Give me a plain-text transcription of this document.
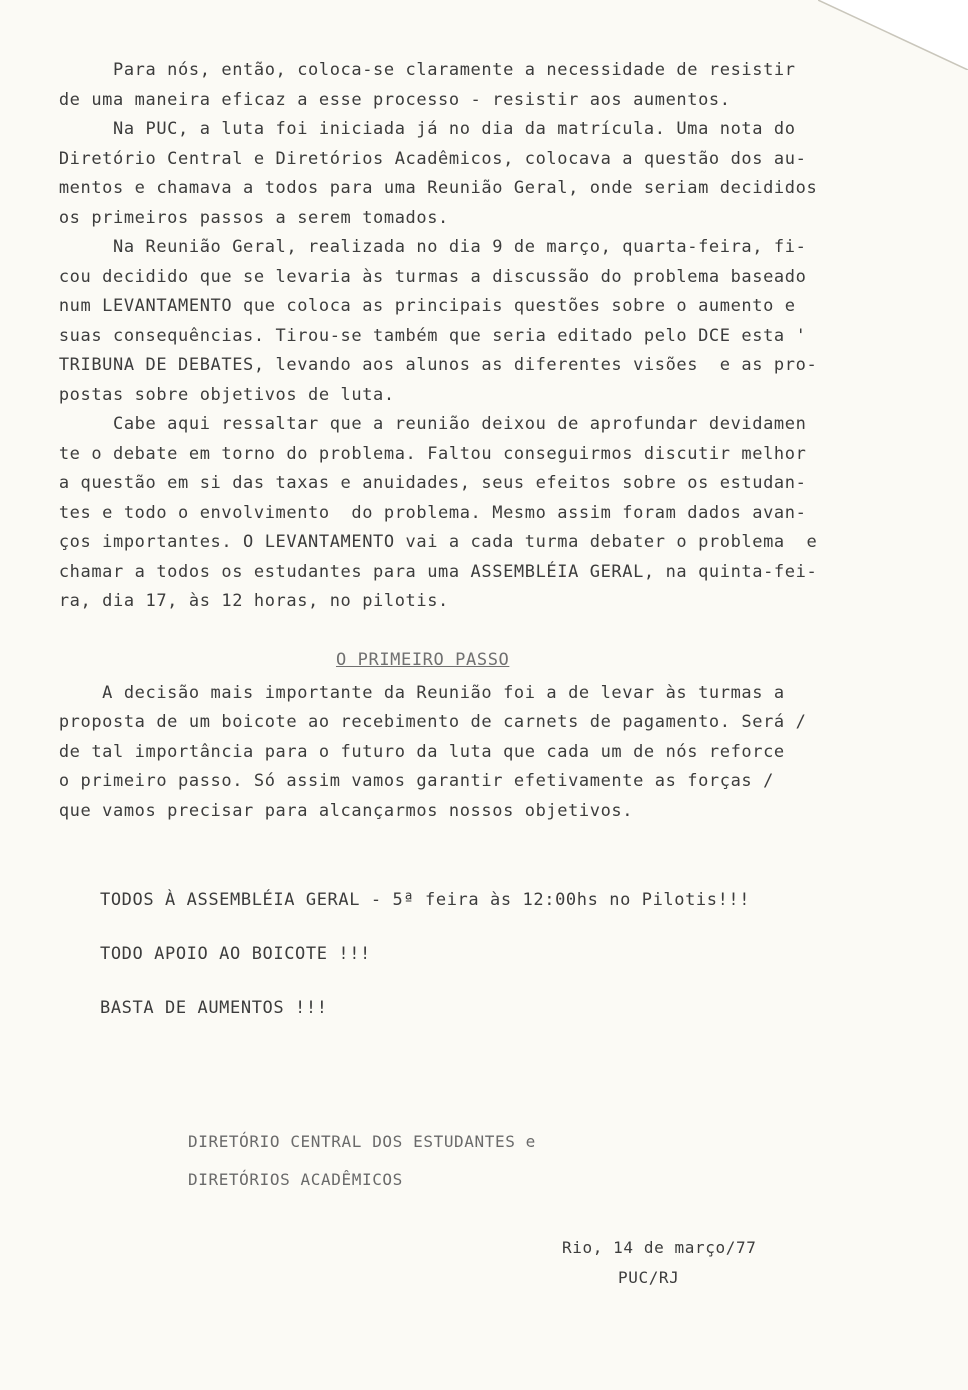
Para nós, então, coloca-se claramente a necessidade de resistir
de uma maneira eficaz a esse processo - resistir aos aumentos.
Na PUC, a luta foi iniciada já no dia da matrícula. Uma nota do
Diretório Central e Diretórios Acadêmicos, colocava a questão dos au-
mentos e chamava a todos para uma Reunião Geral, onde seriam decididos
os primeiros passos a serem tomados.
Na Reunião Geral, realizada no dia 9 de março, quarta-feira, fi-
cou decidido que se levaria às turmas a discussão do problema baseado
num LEVANTAMENTO que coloca as principais questões sobre o aumento e
suas consequências. Tirou-se também que seria editado pelo DCE esta '
TRIBUNA DE DEBATES, levando aos alunos as diferentes visões  e as pro-
postas sobre objetivos de luta.
Cabe aqui ressaltar que a reunião deixou de aprofundar devidamen
te o debate em torno do problema. Faltou conseguirmos discutir melhor
a questão em si das taxas e anuidades, seus efeitos sobre os estudan-
tes e todo o envolvimento  do problema. Mesmo assim foram dados avan-
ços importantes. O LEVANTAMENTO vai a cada turma debater o problema  e
chamar a todos os estudantes para uma ASSEMBLÉIA GERAL, na quinta-fei-
ra, dia 17, às 12 horas, no pilotis.
O PRIMEIRO PASSO
A decisão mais importante da Reunião foi a de levar às turmas a
proposta de um boicote ao recebimento de carnets de pagamento. Será /
de tal importância para o futuro da luta que cada um de nós reforce
o primeiro passo. Só assim vamos garantir efetivamente as forças /
que vamos precisar para alcançarmos nossos objetivos.
TODOS À ASSEMBLÉIA GERAL - 5ª feira às 12:00hs no Pilotis!!!
TODO APOIO AO BOICOTE !!!
BASTA DE AUMENTOS !!!
DIRETÓRIO CENTRAL DOS ESTUDANTES e
DIRETÓRIOS ACADÊMICOS
Rio, 14 de março/77
PUC/RJ
